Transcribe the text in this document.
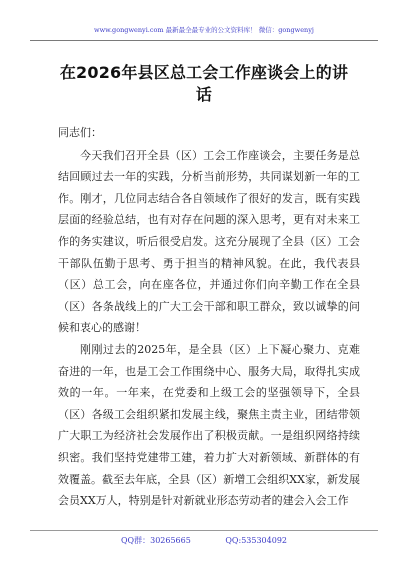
www.gongwenyi.com 最新最全最专业的公文资料库！ 微信：gongwenyj
在2026年县区总工会工作座谈会上的讲话

同志们：

今天我们召开全县（区）工会工作座谈会，主要任务是总结回顾过去一年的实践，分析当前形势，共同谋划新一年的工作。刚才，几位同志结合各自领域作了很好的发言，既有实践层面的经验总结，也有对存在问题的深入思考，更有对未来工作的务实建议，听后很受启发。这充分展现了全县（区）工会干部队伍勤于思考、勇于担当的精神风貌。在此，我代表县（区）总工会，向在座各位，并通过你们向辛勤工作在全县（区）各条战线上的广大工会干部和职工群众，致以诚挚的问候和衷心的感谢！

刚刚过去的2025年，是全县（区）上下凝心聚力、克难奋进的一年，也是工会工作围绕中心、服务大局，取得扎实成效的一年。一年来，在党委和上级工会的坚强领导下，全县（区）各级工会组织紧扣发展主线，聚焦主责主业，团结带领广大职工为经济社会发展作出了积极贡献。一是组织网络持续织密。我们坚持党建带工建，着力扩大对新领域、新群体的有效覆盖。截至去年底，全县（区）新增工会组织XX家，新发展会员XX万人，特别是针对新就业形态劳动者的建会入会工作

QQ群：30265665	QQ:535304092
